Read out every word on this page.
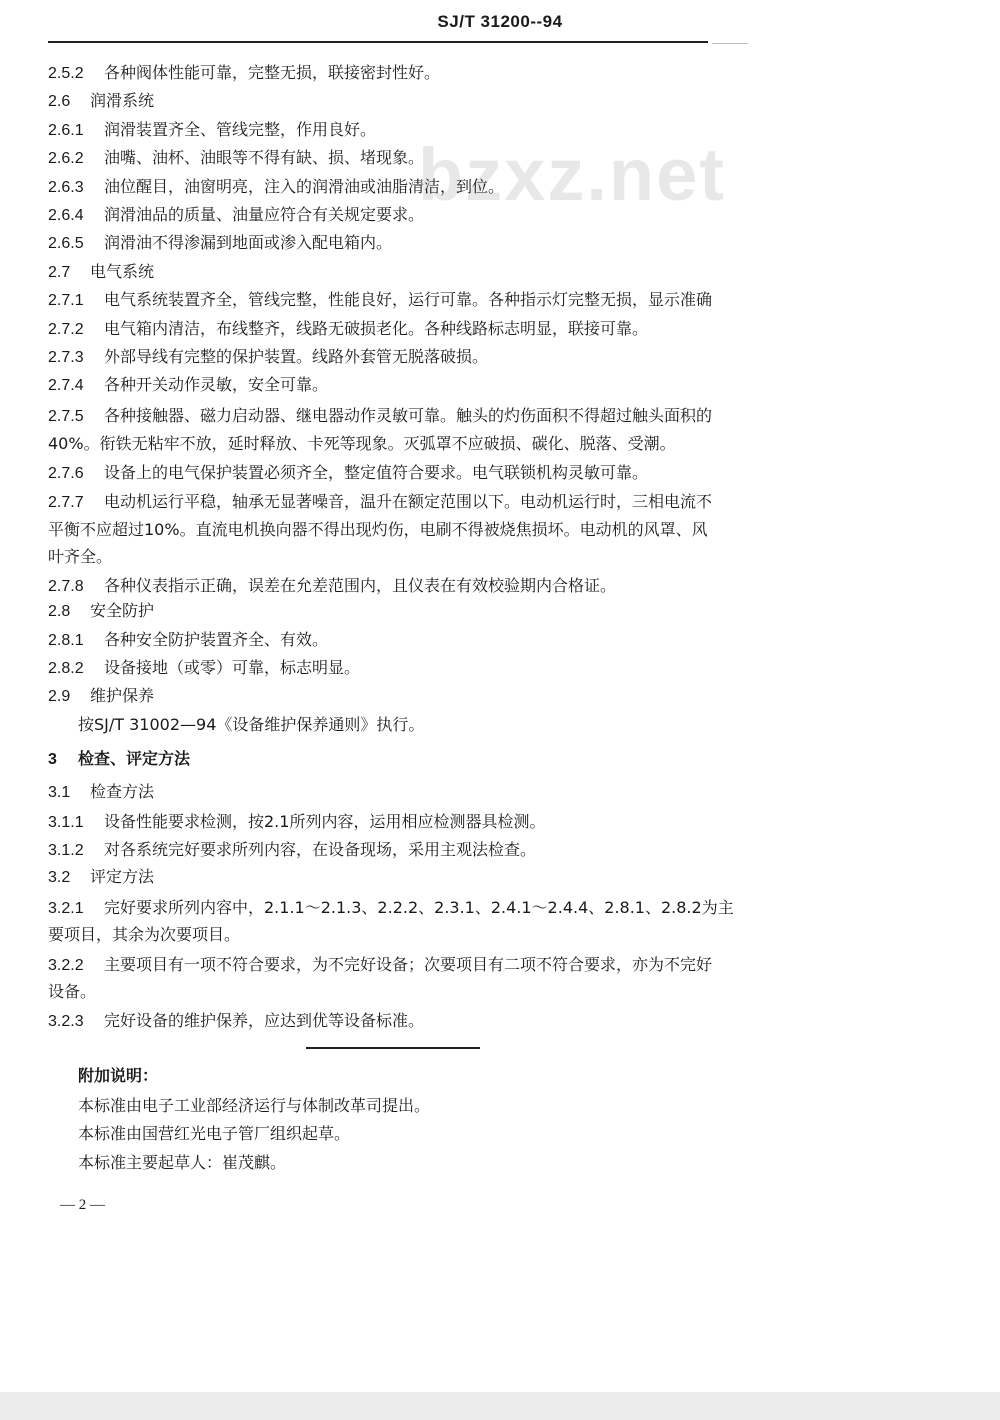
SJ/T 31200--94
bzxz.net
2.5.2 各种阀体性能可靠，完整无损，联接密封性好。
2.6 润滑系统
2.6.1 润滑装置齐全、管线完整，作用良好。
2.6.2 油嘴、油杯、油眼等不得有缺、损、堵现象。
2.6.3 油位醒目，油窗明亮，注入的润滑油或油脂清洁，到位。
2.6.4 润滑油品的质量、油量应符合有关规定要求。
2.6.5 润滑油不得渗漏到地面或渗入配电箱内。
2.7 电气系统
2.7.1 电气系统装置齐全，管线完整，性能良好，运行可靠。各种指示灯完整无损，显示准确
2.7.2 电气箱内清洁，布线整齐，线路无破损老化。各种线路标志明显，联接可靠。
2.7.3 外部导线有完整的保护装置。线路外套管无脱落破损。
2.7.4 各种开关动作灵敏，安全可靠。
2.7.5 各种接触器、磁力启动器、继电器动作灵敏可靠。触头的灼伤面积不得超过触头面积的
40%。衔铁无粘牢不放，延时释放、卡死等现象。灭弧罩不应破损、碳化、脱落、受潮。
2.7.6 设备上的电气保护装置必须齐全，整定值符合要求。电气联锁机构灵敏可靠。
2.7.7 电动机运行平稳，轴承无显著噪音，温升在额定范围以下。电动机运行时，三相电流不
平衡不应超过10%。直流电机换向器不得出现灼伤，电刷不得被烧焦损坏。电动机的风罩、风
叶齐全。
2.7.8 各种仪表指示正确，误差在允差范围内，且仪表在有效校验期内合格证。
2.8 安全防护
2.8.1 各种安全防护装置齐全、有效。
2.8.2 设备接地（或零）可靠，标志明显。
2.9 维护保养
按SJ/T 31002—94《设备维护保养通则》执行。
3 检查、评定方法
3.1 检查方法
3.1.1 设备性能要求检测，按2.1所列内容，运用相应检测器具检测。
3.1.2 对各系统完好要求所列内容，在设备现场，采用主观法检查。
3.2 评定方法
3.2.1 完好要求所列内容中，2.1.1～2.1.3、2.2.2、2.3.1、2.4.1～2.4.4、2.8.1、2.8.2为主
要项目，其余为次要项目。
3.2.2 主要项目有一项不符合要求，为不完好设备；次要项目有二项不符合要求，亦为不完好
设备。
3.2.3 完好设备的维护保养，应达到优等设备标准。
附加说明：
本标准由电子工业部经济运行与体制改革司提出。
本标准由国营红光电子管厂组织起草。
本标准主要起草人：崔茂麒。
— 2 —
